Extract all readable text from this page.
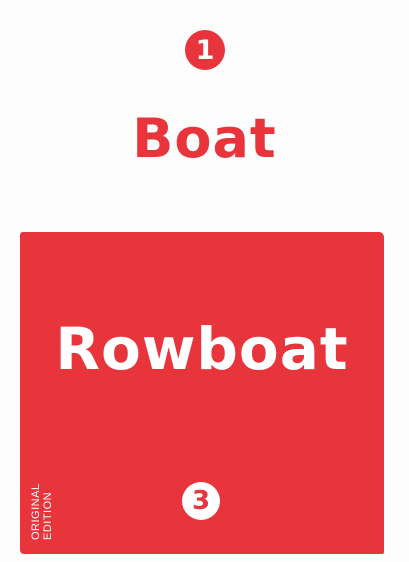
1
Boat
Rowboat
3
ORIGINAL EDITION
